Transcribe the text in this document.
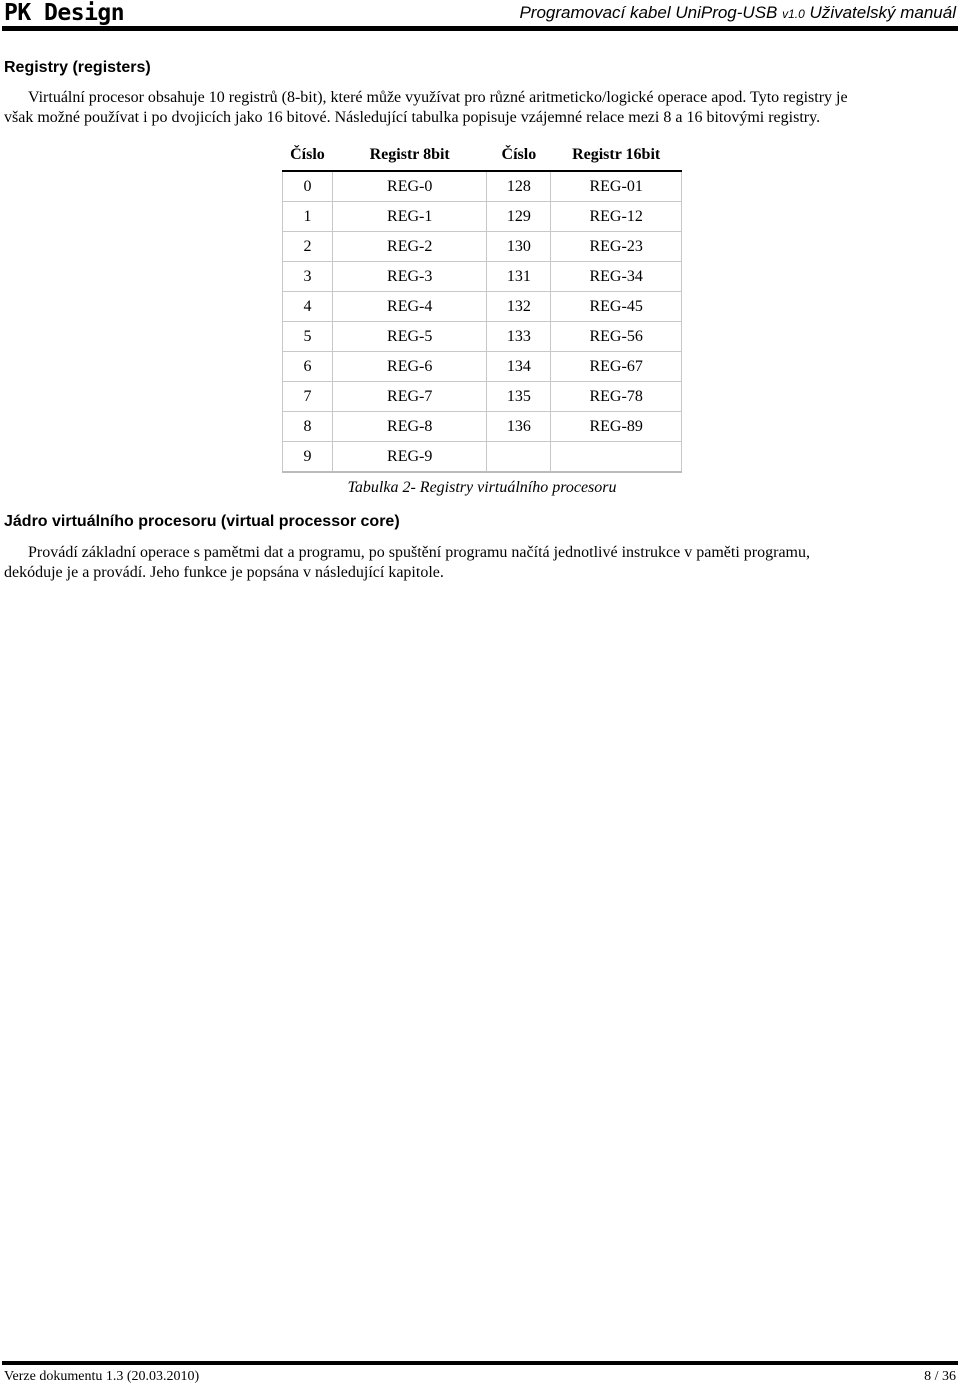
PK Design	Programovací kabel UniProg-USB v1.0 Uživatelský manuál
Registry (registers)
Virtuální procesor obsahuje 10 registrů (8-bit), které může využívat pro různé aritmeticko/logické operace apod. Tyto registry je
však možné používat i po dvojicích jako 16 bitové. Následující tabulka popisuje vzájemné relace mezi 8 a 16 bitovými registry.
Číslo	Registr 8bit	Číslo	Registr 16bit
0	REG-0	128	REG-01
1	REG-1	129	REG-12
2	REG-2	130	REG-23
3	REG-3	131	REG-34
4	REG-4	132	REG-45
5	REG-5	133	REG-56
6	REG-6	134	REG-67
7	REG-7	135	REG-78
8	REG-8	136	REG-89
9	REG-9		
Tabulka 2- Registry virtuálního procesoru
Jádro virtuálního procesoru (virtual processor core)
Provádí základní operace s pamětmi dat a programu, po spuštění programu načítá jednotlivé instrukce v paměti programu,
dekóduje je a provádí. Jeho funkce je popsána v následující kapitole.
Verze dokumentu 1.3 (20.03.2010)	8 / 36
